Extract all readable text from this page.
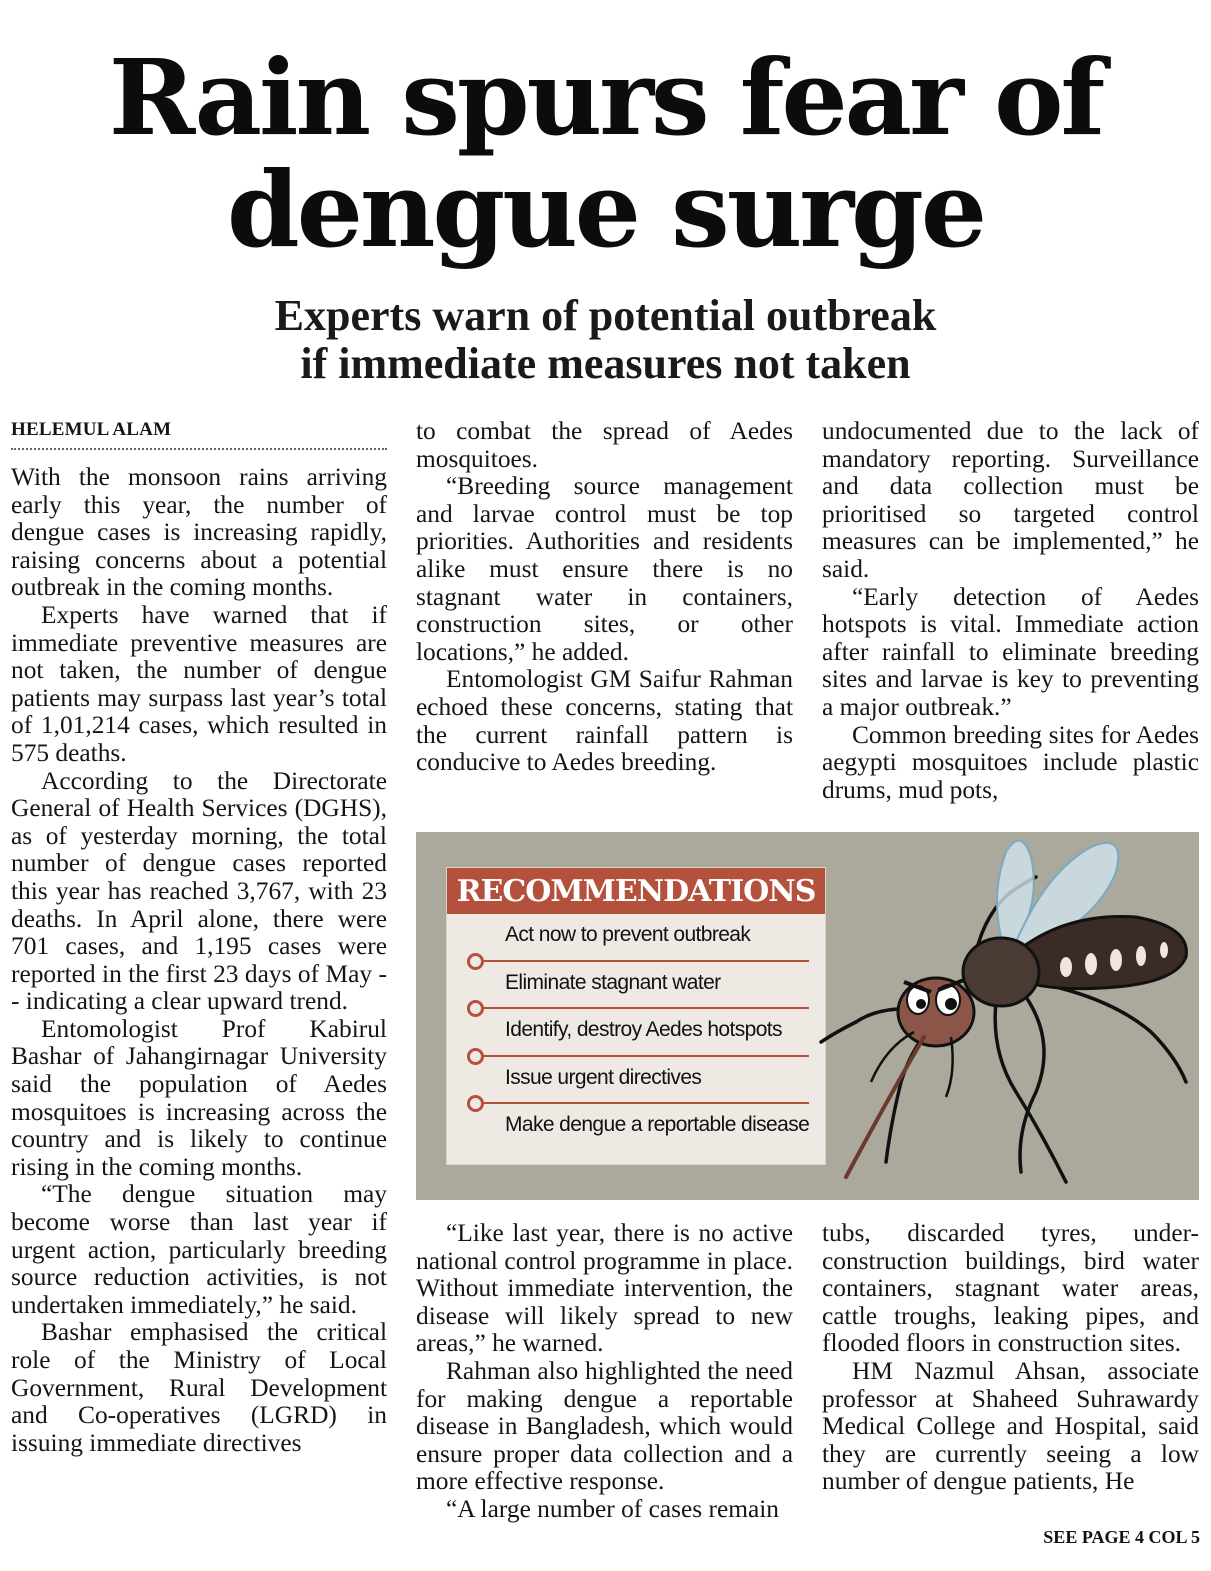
Rain spurs fear of
dengue surge
Experts warn of potential outbreak
if immediate measures not taken
HELEMUL ALAM

With the monsoon rains arriving early this year, the number of dengue cases is increasing rapidly, raising concerns about a potential outbreak in the coming months.

Experts have warned that if immediate preventive measures are not taken, the number of dengue patients may surpass last year’s total of 1,01,214 cases, which resulted in 575 deaths.

According to the Directorate General of Health Services (DGHS), as of yesterday morning, the total number of dengue cases reported this year has reached 3,767, with 23 deaths. In April alone, there were 701 cases, and 1,195 cases were reported in the first 23 days of May -- indicating a clear upward trend.

Entomologist Prof Kabirul Bashar of Jahangirnagar University said the population of Aedes mosquitoes is increasing across the country and is likely to continue rising in the coming months.

“The dengue situation may become worse than last year if urgent action, particularly breeding source reduction activities, is not undertaken immediately,” he said.

Bashar emphasised the critical role of the Ministry of Local Government, Rural Development and Co-operatives (LGRD) in issuing immediate directives

to combat the spread of Aedes mosquitoes.

“Breeding source management and larvae control must be top priorities. Authorities and residents alike must ensure there is no stagnant water in containers, construction sites, or other locations,” he added.

Entomologist GM Saifur Rahman echoed these concerns, stating that the current rainfall pattern is conducive to Aedes breeding.

undocumented due to the lack of mandatory reporting. Surveillance and data collection must be prioritised so targeted control measures can be implemented,” he said.

“Early detection of Aedes hotspots is vital. Immediate action after rainfall to eliminate breeding sites and larvae is key to preventing a major outbreak.”

Common breeding sites for Aedes aegypti mosquitoes include plastic drums, mud pots,

RECOMMENDATIONS
Act now to prevent outbreak
Eliminate stagnant water
Identify, destroy Aedes hotspots
Issue urgent directives
Make dengue a reportable disease

“Like last year, there is no active national control programme in place. Without immediate intervention, the disease will likely spread to new areas,” he warned.

Rahman also highlighted the need for making dengue a reportable disease in Bangladesh, which would ensure proper data collection and a more effective response.

“A large number of cases remain

tubs, discarded tyres, under-construction buildings, bird water containers, stagnant water areas, cattle troughs, leaking pipes, and flooded floors in construction sites.

HM Nazmul Ahsan, associate professor at Shaheed Suhrawardy Medical College and Hospital, said they are currently seeing a low number of dengue patients, He

SEE PAGE 4 COL 5
